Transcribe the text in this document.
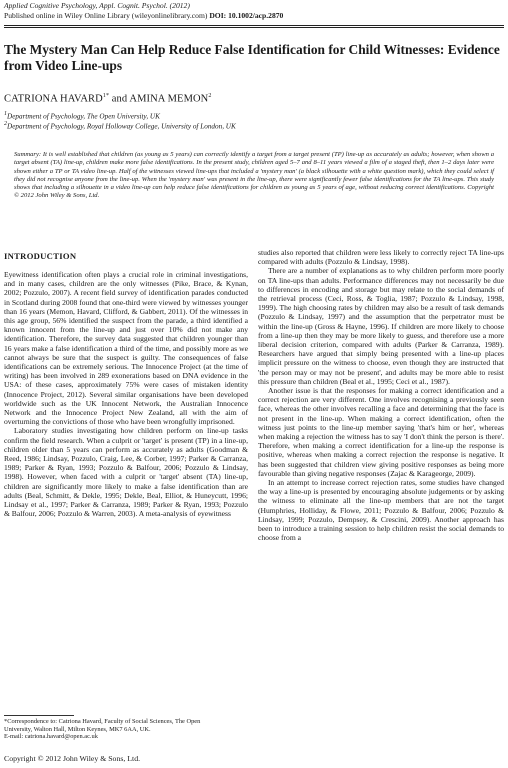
Applied Cognitive Psychology, Appl. Cognit. Psychol. (2012)
Published online in Wiley Online Library (wileyonlinelibrary.com) DOI: 10.1002/acp.2870
The Mystery Man Can Help Reduce False Identification for Child Witnesses: Evidence from Video Line-ups
CATRIONA $HAVARD^{1*}$ and AMINA MEMON$^2$
$^1$Department of Psychology, The Open University, UK
$^2$Department of Psychology, Royal Holloway College, University of London, UK
Summary: It is well established that children (as young as 5 years) can correctly identify a target from a target present (TP) line-up as accurately as adults; however, when shown a target absent (TA) line-up, children make more false identifications. In the present study, children aged 5–7 and 8–11 years viewed a film of a staged theft, then 1–2 days later were shown either a TP or TA video line-up. Half of the witnesses viewed line-ups that included a 'mystery man' (a black silhouette with a white question mark), which they could select if they did not recognise anyone from the line-up. When the 'mystery man' was present in the line-up, there were significantly fewer false identifications for the TA line-ups. This study shows that including a silhouette in a video line-up can help reduce false identifications for children as young as 5 years of age, without reducing correct identifications. Copyright © 2012 John Wiley & Sons, Ltd.
INTRODUCTION

Eyewitness identification often plays a crucial role in criminal investigations, and in many cases, children are the only witnesses (Pike, Brace, & Kynan, 2002; Pozzulo, 2007). A recent field survey of identification parades conducted in Scotland during 2008 found that one-third were viewed by witnesses younger than 16 years (Memon, Havard, Clifford, & Gabbert, 2011). Of the witnesses in this age group, 56% identified the suspect from the parade, a third identified a known innocent from the line-up and just over 10% did not make any identification. Therefore, the survey data suggested that children younger than 16 years make a false identification a third of the time, and possibly more as we cannot always be sure that the suspect is guilty. The consequences of false identifications can be extremely serious. The Innocence Project (at the time of writing) has been involved in 289 exonerations based on DNA evidence in the USA: of these cases, approximately 75% were cases of mistaken identity (Innocence Project, 2012). Several similar organisations have been developed worldwide such as the UK Innocent Network, the Australian Innocence Network and the Innocence Project New Zealand, all with the aim of overturning the convictions of those who have been wrongfully imprisoned.

Laboratory studies investigating how children perform on line-up tasks confirm the field research. When a culprit or 'target' is present (TP) in a line-up, children older than 5 years can perform as accurately as adults (Goodman & Reed, 1986; Lindsay, Pozzulo, Craig, Lee, & Corber, 1997; Parker & Carranza, 1989; Parker & Ryan, 1993; Pozzulo & Balfour, 2006; Pozzulo & Lindsay, 1998). However, when faced with a culprit or 'target' absent (TA) line-up, children are significantly more likely to make a false identification than are adults (Beal, Schmitt, & Dekle, 1995; Dekle, Beal, Elliot, & Huneycutt, 1996; Lindsay et al., 1997; Parker & Carranza, 1989; Parker & Ryan, 1993; Pozzulo & Balfour, 2006; Pozzulo & Warren, 2003). A meta-analysis of eyewitness

studies also reported that children were less likely to correctly reject TA line-ups compared with adults (Pozzulo & Lindsay, 1998).

There are a number of explanations as to why children perform more poorly on TA line-ups than adults. Performance differences may not necessarily be due to differences in encoding and storage but may relate to the social demands of the retrieval process (Ceci, Ross, & Toglia, 1987; Pozzulo & Lindsay, 1998, 1999). The high choosing rates by children may also be a result of task demands (Pozzulo & Lindsay, 1997) and the assumption that the perpetrator must be within the line-up (Gross & Hayne, 1996). If children are more likely to choose from a line-up then they may be more likely to guess, and therefore use a more liberal decision criterion, compared with adults (Parker & Carranza, 1989). Researchers have argued that simply being presented with a line-up places implicit pressure on the witness to choose, even though they are instructed that 'the person may or may not be present', and adults may be more able to resist this pressure than children (Beal et al., 1995; Ceci et al., 1987).

Another issue is that the responses for making a correct identification and a correct rejection are very different. One involves recognising a previously seen face, whereas the other involves recalling a face and determining that the face is not present in the line-up. When making a correct identification, often the witness just points to the line-up member saying 'that's him or her', whereas when making a rejection the witness has to say 'I don't think the person is there'. Therefore, when making a correct identification for a line-up the response is positive, whereas when making a correct rejection the response is negative. It has been suggested that children view giving positive responses as being more favourable than giving negative responses (Zajac & Karageorge, 2009).

In an attempt to increase correct rejection rates, some studies have changed the way a line-up is presented by encouraging absolute judgements or by asking the witness to eliminate all the line-up members that are not the target (Humphries, Holliday, & Flowe, 2011; Pozzulo & Balfour, 2006; Pozzulo & Lindsay, 1999; Pozzulo, Dempsey, & Crescini, 2009). Another approach has been to introduce a training session to help children resist the social demands to choose from a

*Correspondence to: Catriona Havard, Faculty of Social Sciences, The Open
University, Walton Hall, Milton Keynes, MK7 6AA, UK.
E-mail: catriona.havard@open.ac.uk
Copyright © 2012 John Wiley & Sons, Ltd.
